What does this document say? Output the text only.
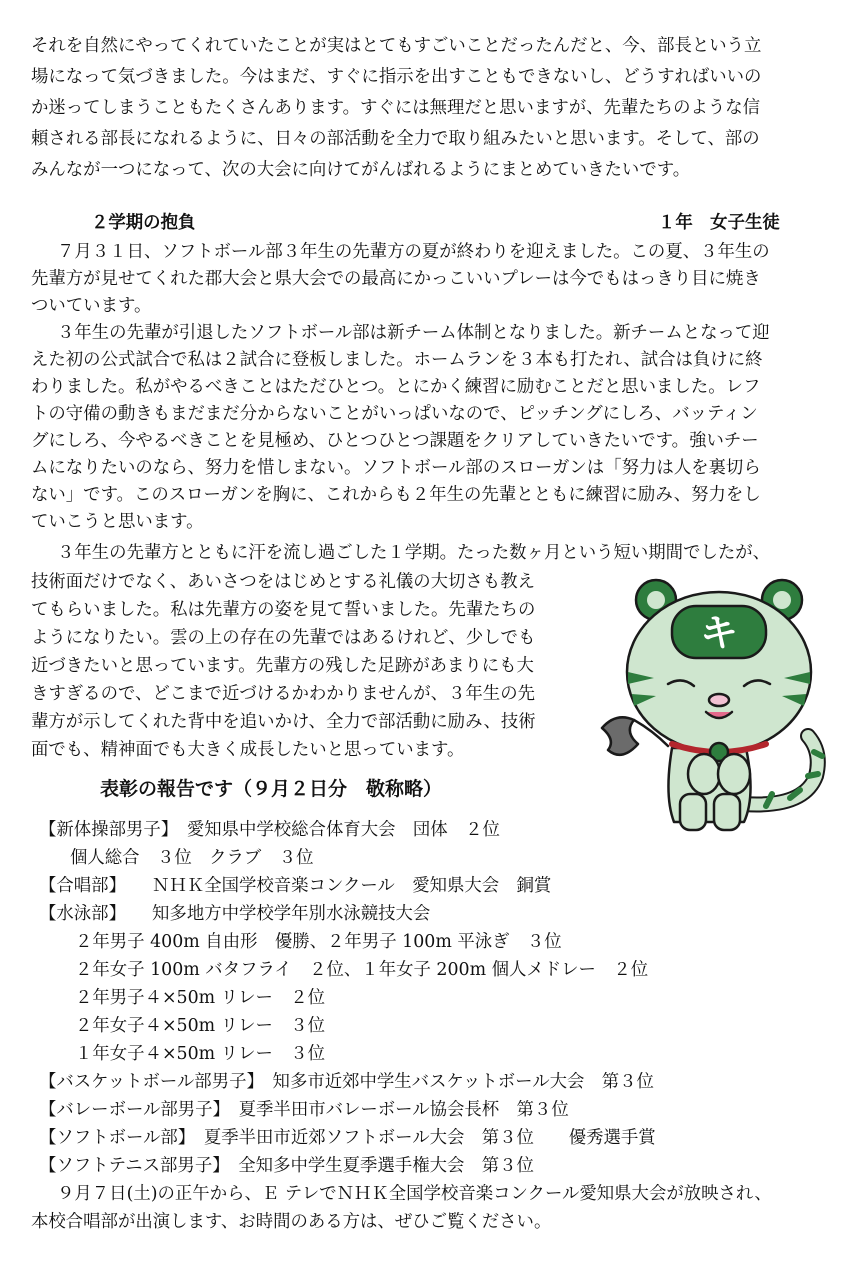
それを自然にやってくれていたことが実はとてもすごいことだったんだと、今、部長という立
場になって気づきました。今はまだ、すぐに指示を出すこともできないし、どうすればいいの
か迷ってしまうこともたくさんあります。すぐには無理だと思いますが、先輩たちのような信
頼される部長になれるように、日々の部活動を全力で取り組みたいと思います。そして、部の
みんなが一つになって、次の大会に向けてがんばれるようにまとめていきたいです。
２学期の抱負	１年　女子生徒
７月３１日、ソフトボール部３年生の先輩方の夏が終わりを迎えました。この夏、３年生の
先輩方が見せてくれた郡大会と県大会での最高にかっこいいプレーは今でもはっきり目に焼き
ついています。
３年生の先輩が引退したソフトボール部は新チーム体制となりました。新チームとなって迎
えた初の公式試合で私は２試合に登板しました。ホームランを３本も打たれ、試合は負けに終
わりました。私がやるべきことはただひとつ。とにかく練習に励むことだと思いました。レフ
トの守備の動きもまだまだ分からないことがいっぱいなので、ピッチングにしろ、バッティン
グにしろ、今やるべきことを見極め、ひとつひとつ課題をクリアしていきたいです。強いチー
ムになりたいのなら、努力を惜しまない。ソフトボール部のスローガンは「努力は人を裏切ら
ない」です。このスローガンを胸に、これからも２年生の先輩とともに練習に励み、努力をし
ていこうと思います。
３年生の先輩方とともに汗を流し過ごした１学期。たった数ヶ月という短い期間でしたが、
技術面だけでなく、あいさつをはじめとする礼儀の大切さも教え
てもらいました。私は先輩方の姿を見て誓いました。先輩たちの
ようになりたい。雲の上の存在の先輩ではあるけれど、少しでも
近づきたいと思っています。先輩方の残した足跡があまりにも大
きすぎるので、どこまで近づけるかわかりませんが、３年生の先
輩方が示してくれた背中を追いかけ、全力で部活動に励み、技術
面でも、精神面でも大きく成長したいと思っています。
キ
表彰の報告です（９月２日分　敬称略）
【新体操部男子】　愛知県中学校総合体育大会　団体　２位
個人総合　３位　クラブ　３位
【合唱部】　　ＮＨＫ全国学校音楽コンクール　愛知県大会　銅賞
【水泳部】　　知多地方中学校学年別水泳競技大会
２年男子 400m 自由形　優勝、２年男子 100m 平泳ぎ　３位
２年女子 100m バタフライ　２位、１年女子 200m 個人メドレー　２位
２年男子４×50m リレー　２位
２年女子４×50m リレー　３位
１年女子４×50m リレー　３位
【バスケットボール部男子】　知多市近郊中学生バスケットボール大会　第３位
【バレーボール部男子】　夏季半田市バレーボール協会長杯　第３位
【ソフトボール部】　夏季半田市近郊ソフトボール大会　第３位　　優秀選手賞
【ソフトテニス部男子】　全知多中学生夏季選手権大会　第３位
９月７日(土)の正午から、Ｅ テレでＮＨＫ全国学校音楽コンクール愛知県大会が放映され、
本校合唱部が出演します、お時間のある方は、ぜひご覧ください。
